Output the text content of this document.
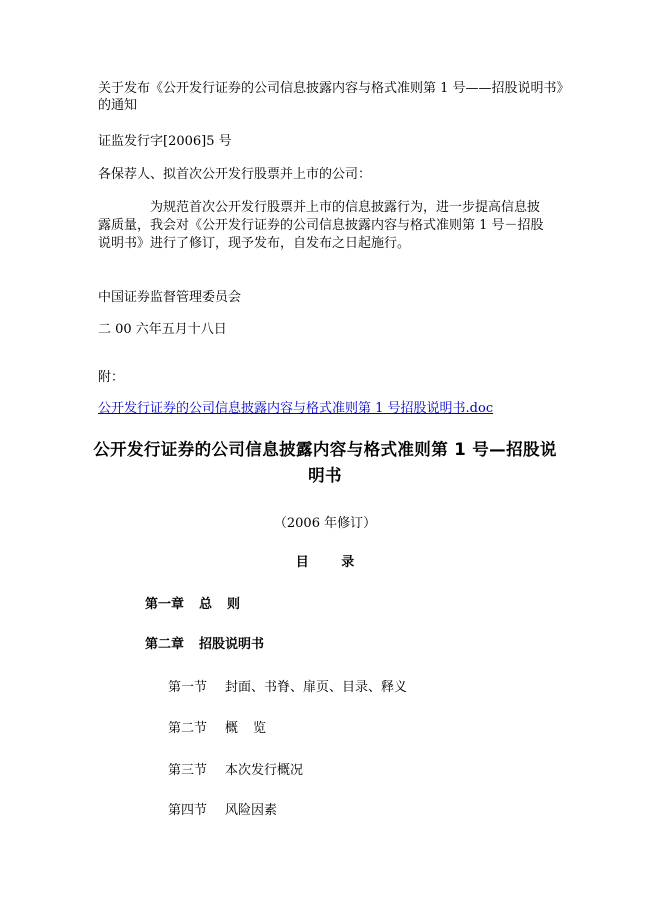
关于发布《公开发行证券的公司信息披露内容与格式准则第 1 号——招股说明书》的通知
证监发行字[2006]5 号
各保荐人、拟首次公开发行股票并上市的公司：
为规范首次公开发行股票并上市的信息披露行为，进一步提高信息披露质量，我会对《公开发行证券的公司信息披露内容与格式准则第 1 号－招股说明书》进行了修订，现予发布，自发布之日起施行。
中国证券监督管理委员会
二 00 六年五月十八日
附：
公开发行证券的公司信息披露内容与格式准则第 1 号招股说明书.doc
公开发行证券的公司信息披露内容与格式准则第 1 号—招股说明书
（2006 年修订）
目 录
第一章 总则
第二章 招股说明书
第一节 封面、书脊、扉页、目录、释义
第二节 概览
第三节 本次发行概况
第四节 风险因素
